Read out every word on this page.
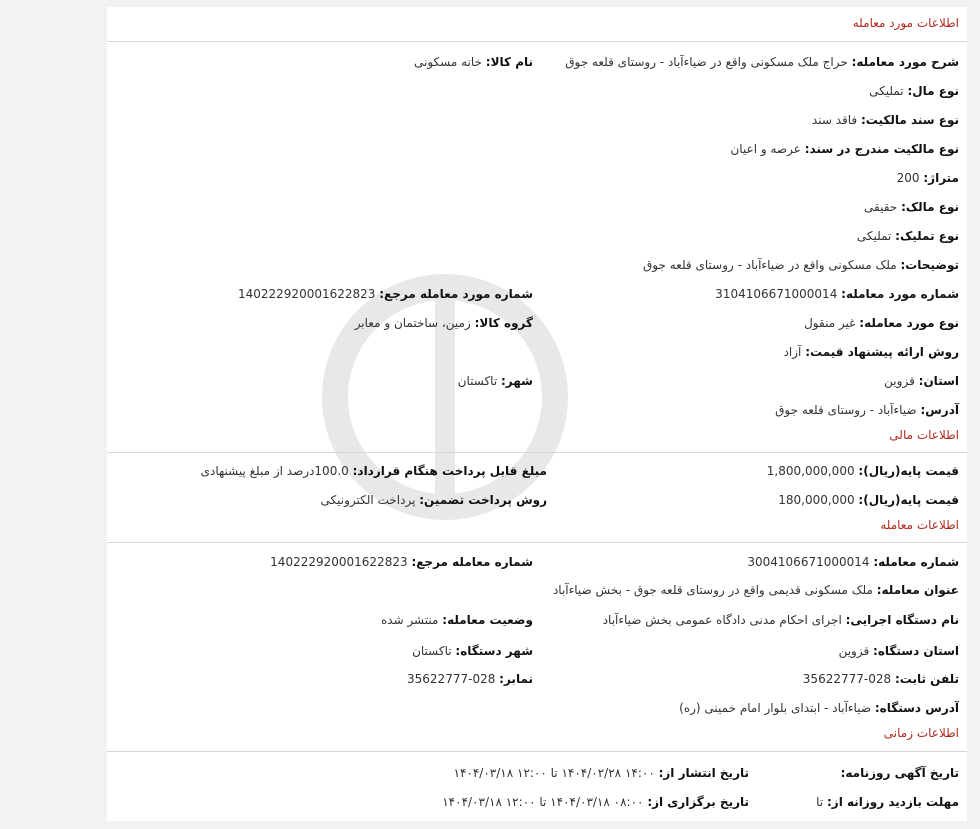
اطلاعات مورد معامله
شرح مورد معامله: حراج ملک مسکونی واقع در ضیاءآباد - روستای قلعه جوق
نام کالا: خانه مسکونی
نوع مال: تملیکی
نوع سند مالکیت: فاقد سند
نوع مالکیت مندرج در سند: عرصه و اعیان
متراژ: 200
نوع مالک: حقیقی
نوع تملیک: تملیکی
توضیحات: ملک مسکونی واقع در ضیاءآباد - روستای قلعه جوق
شماره مورد معامله: 3104106671000014
شماره مورد معامله مرجع: 140222920001622823
نوع مورد معامله: غیر منقول
گروه کالا: زمین، ساختمان و معابر
روش ارائه پیشنهاد قیمت: آزاد
استان: قزوین
شهر: تاکستان
آدرس: ضیاءآباد - روستای قلعه جوق
اطلاعات مالی
قیمت پایه(ریال): 1,800,000,000
مبلغ قابل پرداخت هنگام قرارداد: 100.0درصد از مبلغ پیشنهادی
قیمت پایه(ریال): 180,000,000
روش پرداخت تضمین: پرداخت الکترونیکی
اطلاعات معامله
شماره معامله: 3004106671000014
شماره معامله مرجع: 140222920001622823
عنوان معامله: ملک مسکونی قدیمی واقع در روستای قلعه جوق - بخش ضیاءآباد
نام دستگاه اجرایی: اجرای احکام مدنی دادگاه عمومی بخش ضیاءآباد
وضعیت معامله: منتشر شده
استان دستگاه: قزوین
شهر دستگاه: تاکستان
تلفن ثابت: 028-35622777
نمابر: 028-35622777
آدرس دستگاه: ضیاءآباد - ابتدای بلوار امام خمینی (ره)
اطلاعات زمانی
تاریخ آگهی روزنامه:
تاریخ انتشار از: ۱۴:۰۰ ۱۴۰۴/۰۲/۲۸ تا ۱۲:۰۰ ۱۴۰۴/۰۳/۱۸
مهلت بازدید روزانه از: تا
تاریخ برگزاری از: ۰۸:۰۰ ۱۴۰۴/۰۳/۱۸ تا ۱۲:۰۰ ۱۴۰۴/۰۳/۱۸
